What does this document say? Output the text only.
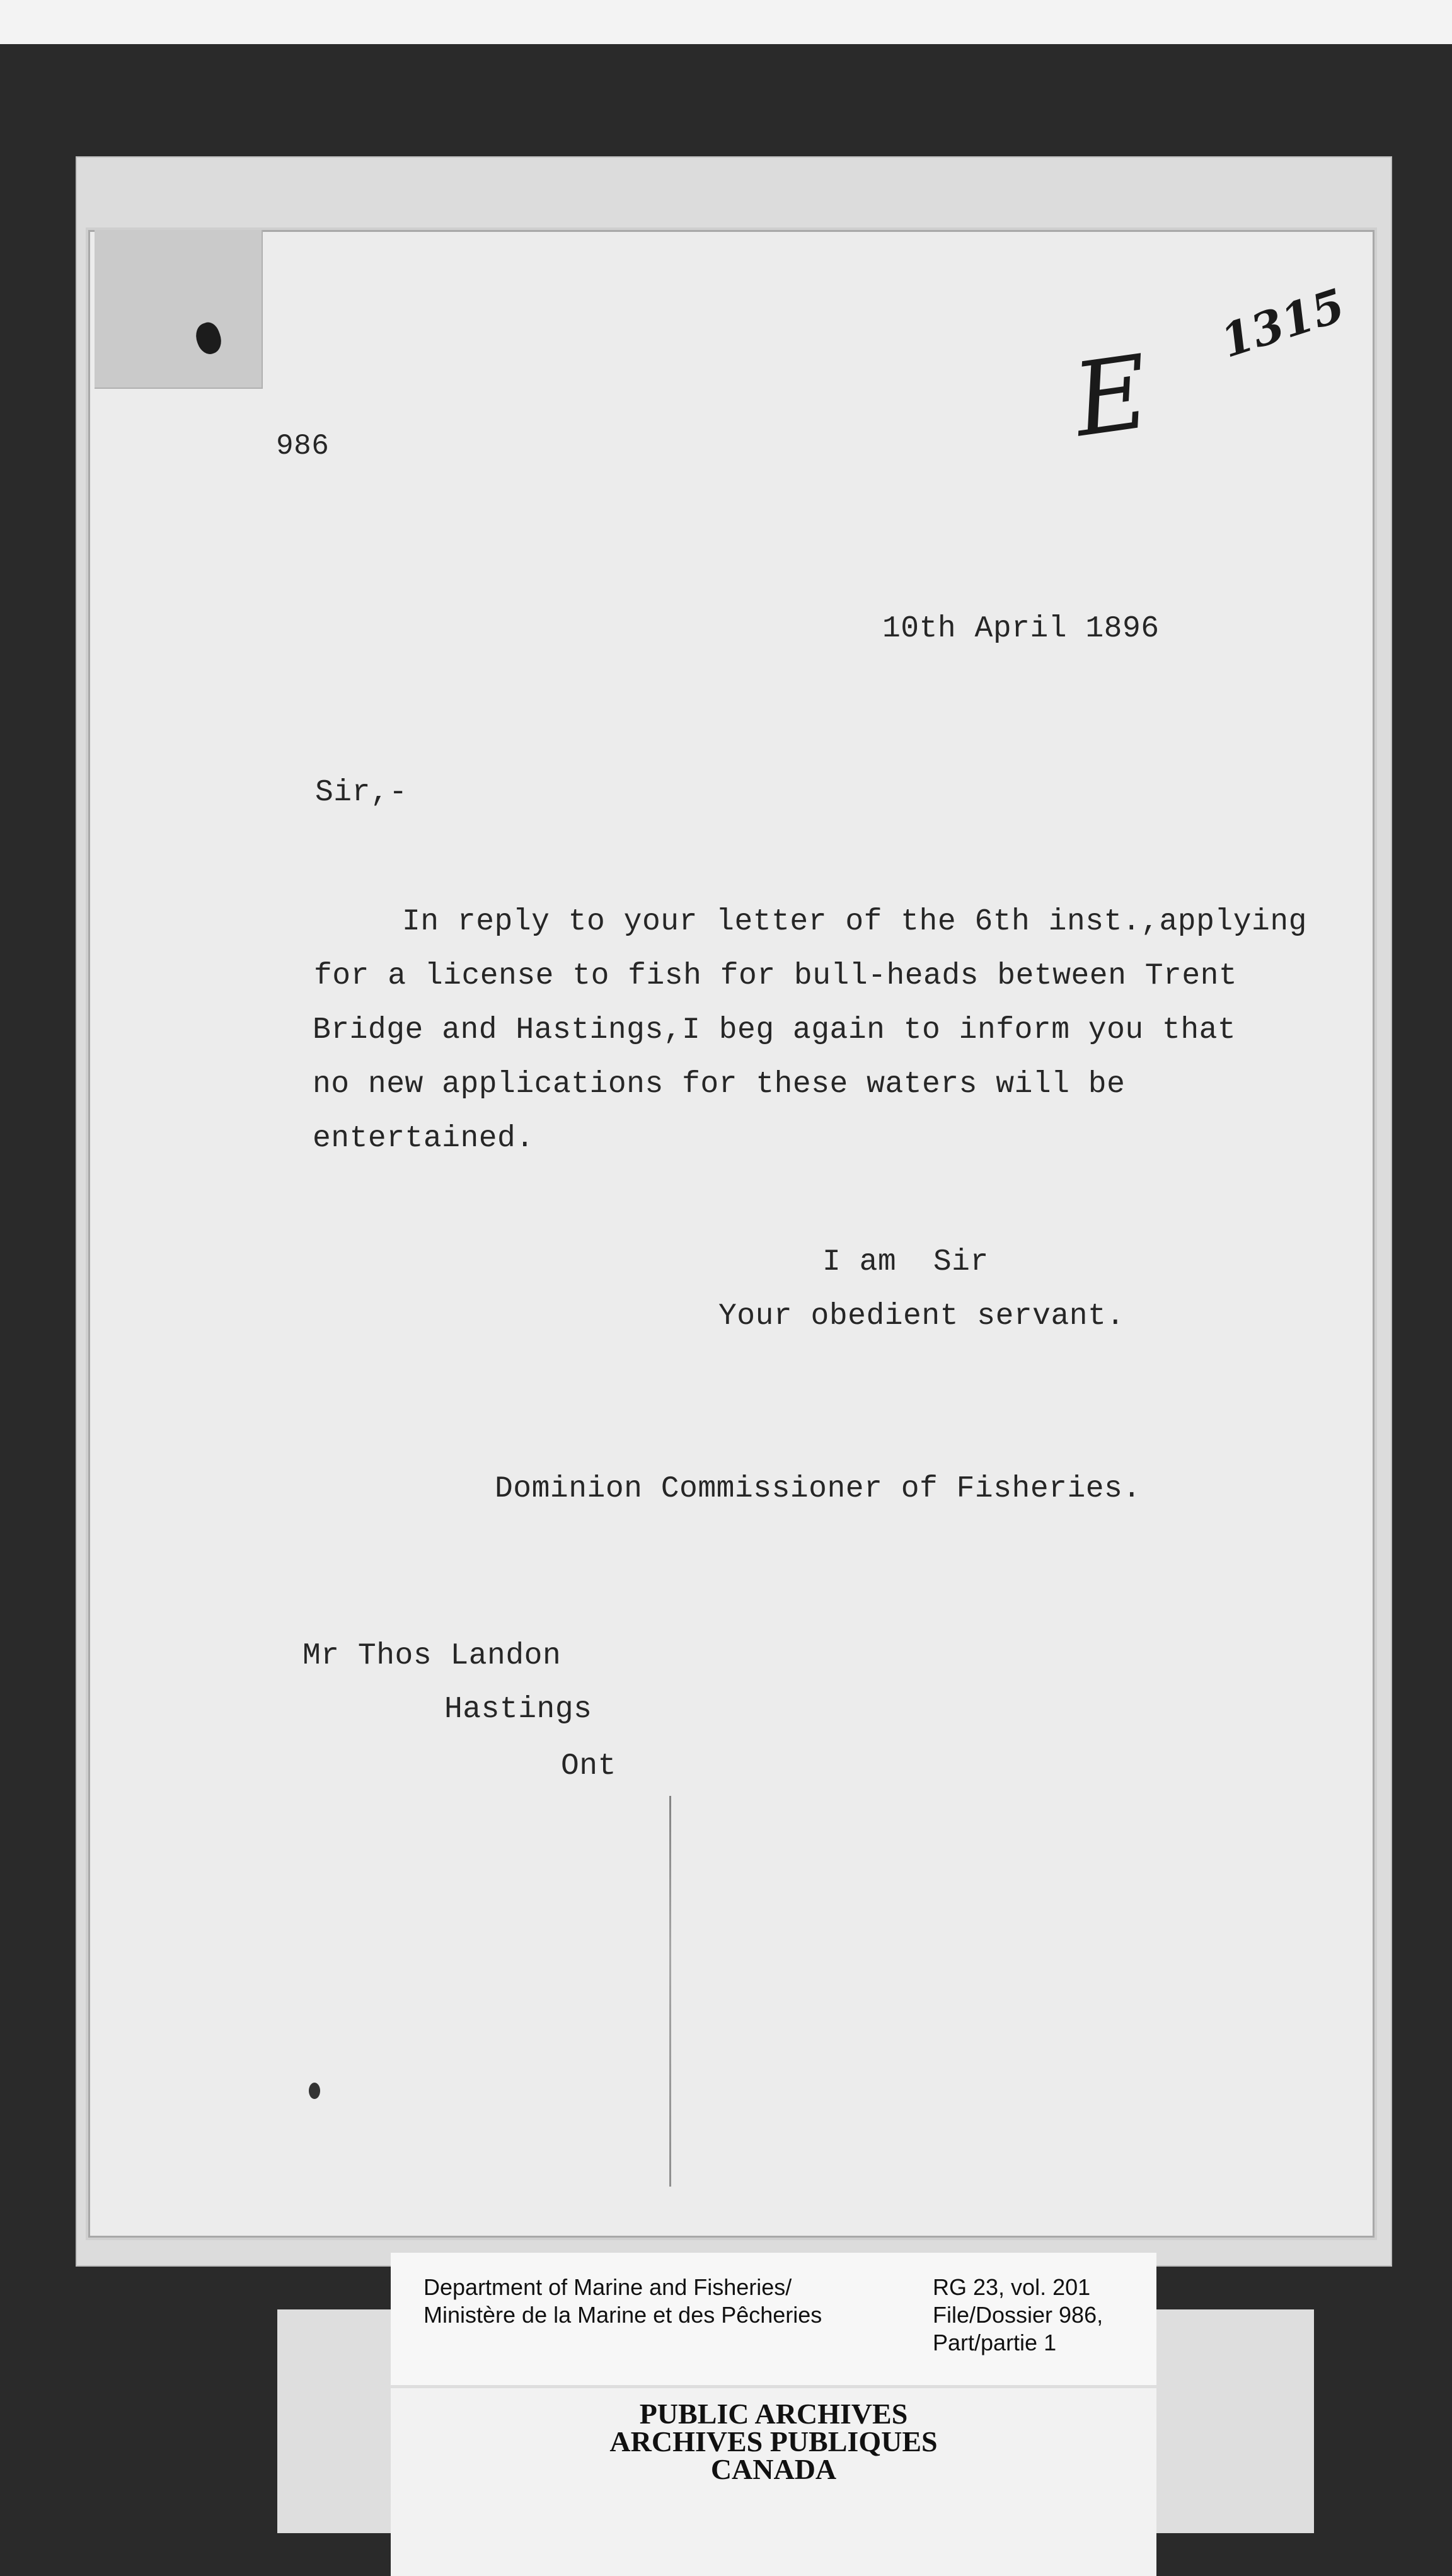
986	E
1315

10th April 1896

Sir,-

In reply to your letter of the 6th inst.,applying

for a license to fish for bull-heads between Trent

Bridge and Hastings,I beg again to inform you that

no new applications for these waters will be

entertained.

I am  Sir

Your obedient servant.

Dominion Commissioner of Fisheries.

Mr Thos Landon

Hastings

Ont

Department of Marine and Fisheries/
Ministère de la Marine et des Pêcheries
RG 23, vol. 201
File/Dossier 986,
Part/partie 1
PUBLIC ARCHIVES
ARCHIVES PUBLIQUES
CANADA
